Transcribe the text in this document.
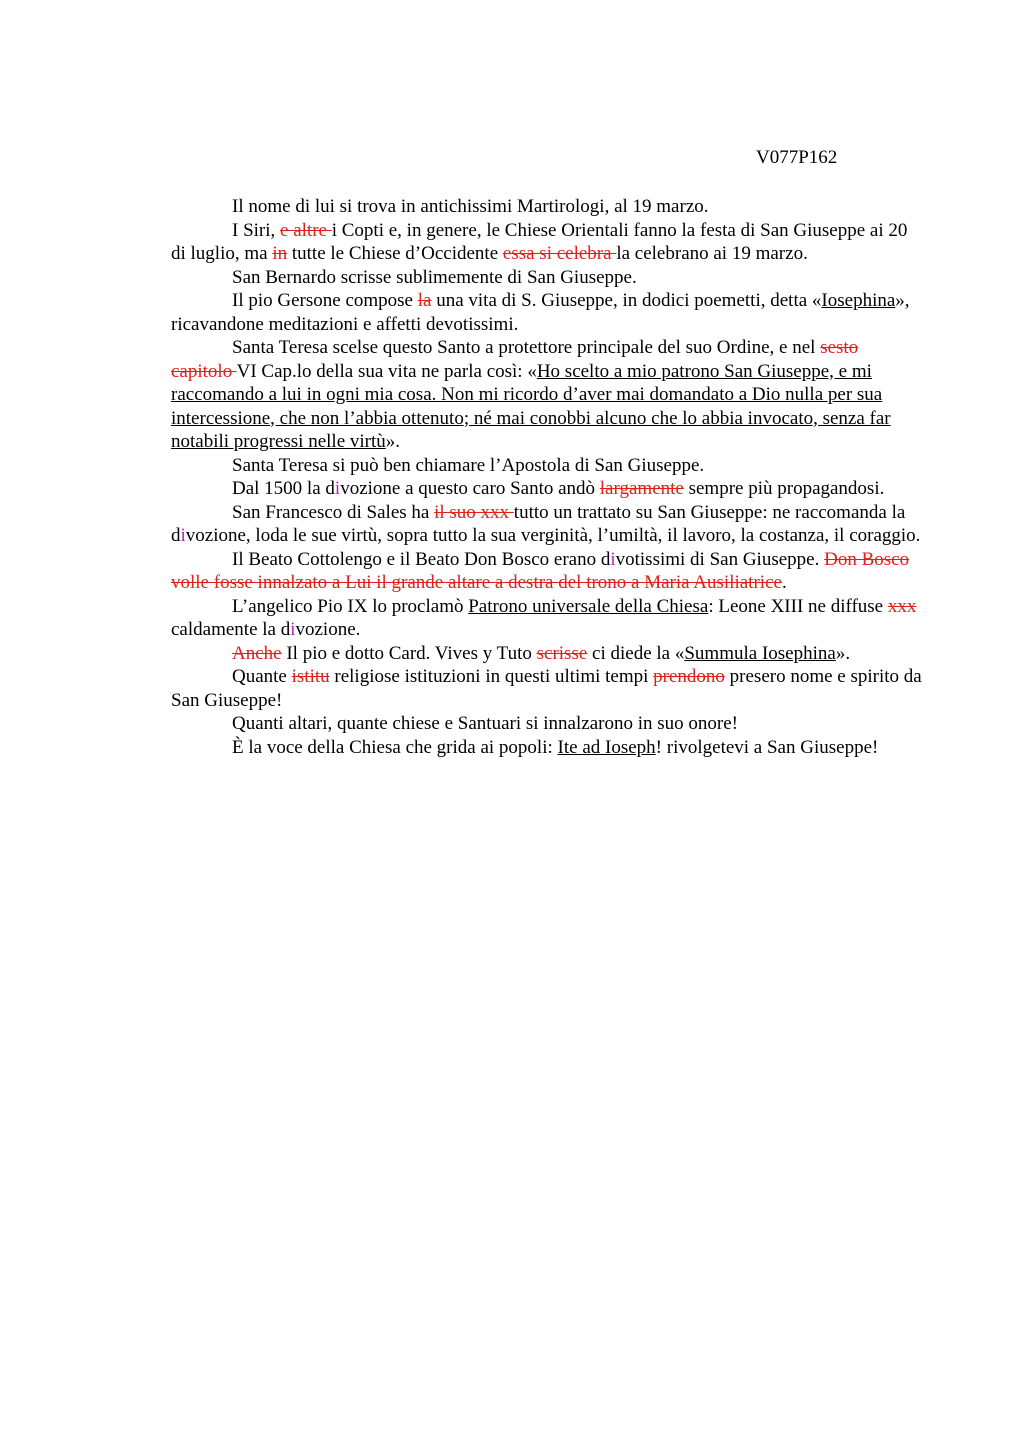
V077P162

Il nome di lui si trova in antichissimi Martirologi, al 19 marzo.

I Siri, e altre i Copti e, in genere, le Chiese Orientali fanno la festa di San Giuseppe ai 20 di luglio, ma in tutte le Chiese d’Occidente essa si celebra la celebrano ai 19 marzo.

San Bernardo scrisse sublimemente di San Giuseppe.

Il pio Gersone compose la una vita di S. Giuseppe, in dodici poemetti, detta «Iosephina», ricavandone meditazioni e affetti devotissimi.

Santa Teresa scelse questo Santo a protettore principale del suo Ordine, e nel sesto capitolo VI Cap.lo della sua vita ne parla così: «Ho scelto a mio patrono San Giuseppe, e mi raccomando a lui in ogni mia cosa. Non mi ricordo d’aver mai domandato a Dio nulla per sua intercessione, che non l’abbia ottenuto; né mai conobbi alcuno che lo abbia invocato, senza far notabili progressi nelle virtù».

Santa Teresa si può ben chiamare l’Apostola di San Giuseppe.

Dal 1500 la divozione a questo caro Santo andò largamente sempre più propagandosi.

San Francesco di Sales ha il suo xxx tutto un trattato su San Giuseppe: ne raccomanda la divozione, loda le sue virtù, sopra tutto la sua verginità, l’umiltà, il lavoro, la costanza, il coraggio.

Il Beato Cottolengo e il Beato Don Bosco erano divotissimi di San Giuseppe. Don Bosco volle fosse innalzato a Lui il grande altare a destra del trono a Maria Ausiliatrice.

L’angelico Pio IX lo proclamò Patrono universale della Chiesa: Leone XIII ne diffuse xxx caldamente la divozione.

Anche Il pio e dotto Card. Vives y Tuto scrisse ci diede la «Summula Iosephina».

Quante istitu religiose istituzioni in questi ultimi tempi prendono presero nome e spirito da San Giuseppe!

Quanti altari, quante chiese e Santuari si innalzarono in suo onore!

È la voce della Chiesa che grida ai popoli: Ite ad Ioseph! rivolgetevi a San Giuseppe!
